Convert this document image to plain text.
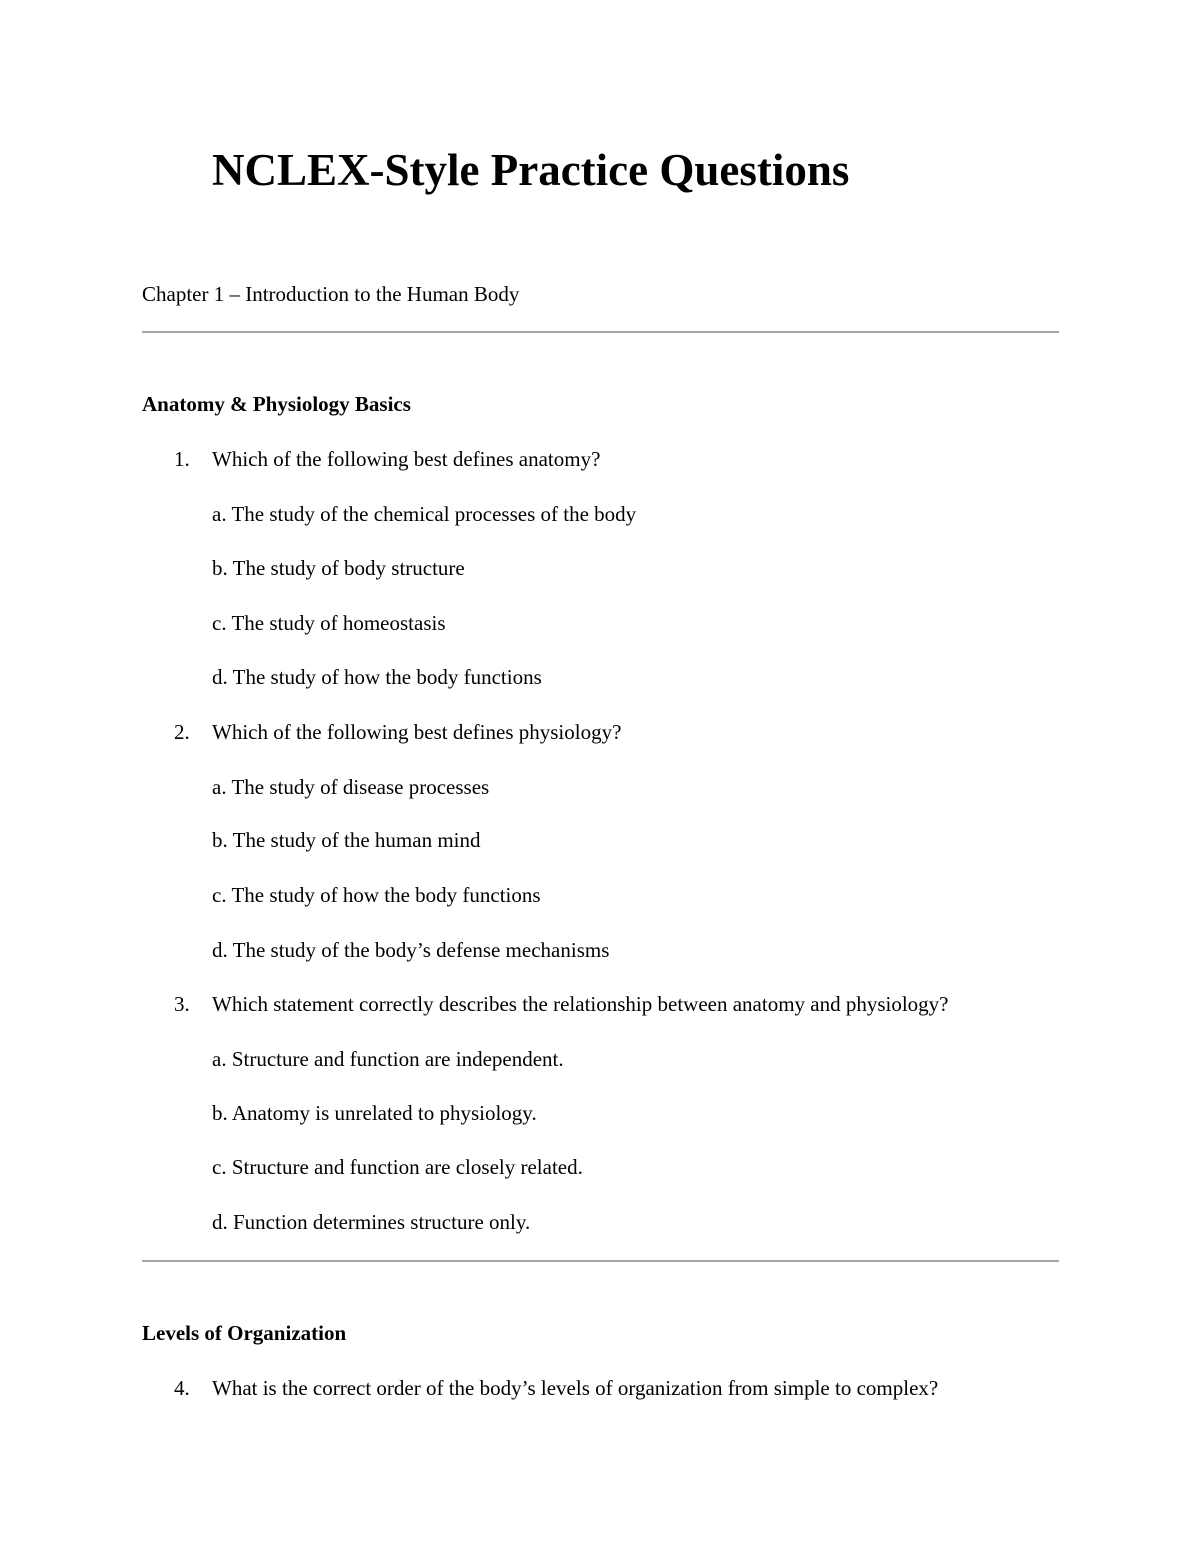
NCLEX-Style Practice Questions
Chapter 1 – Introduction to the Human Body
Anatomy & Physiology Basics
1. Which of the following best defines anatomy?
a. The study of the chemical processes of the body
b. The study of body structure
c. The study of homeostasis
d. The study of how the body functions
2. Which of the following best defines physiology?
a. The study of disease processes
b. The study of the human mind
c. The study of how the body functions
d. The study of the body’s defense mechanisms
3. Which statement correctly describes the relationship between anatomy and physiology?
a. Structure and function are independent.
b. Anatomy is unrelated to physiology.
c. Structure and function are closely related.
d. Function determines structure only.
Levels of Organization
4. What is the correct order of the body’s levels of organization from simple to complex?
